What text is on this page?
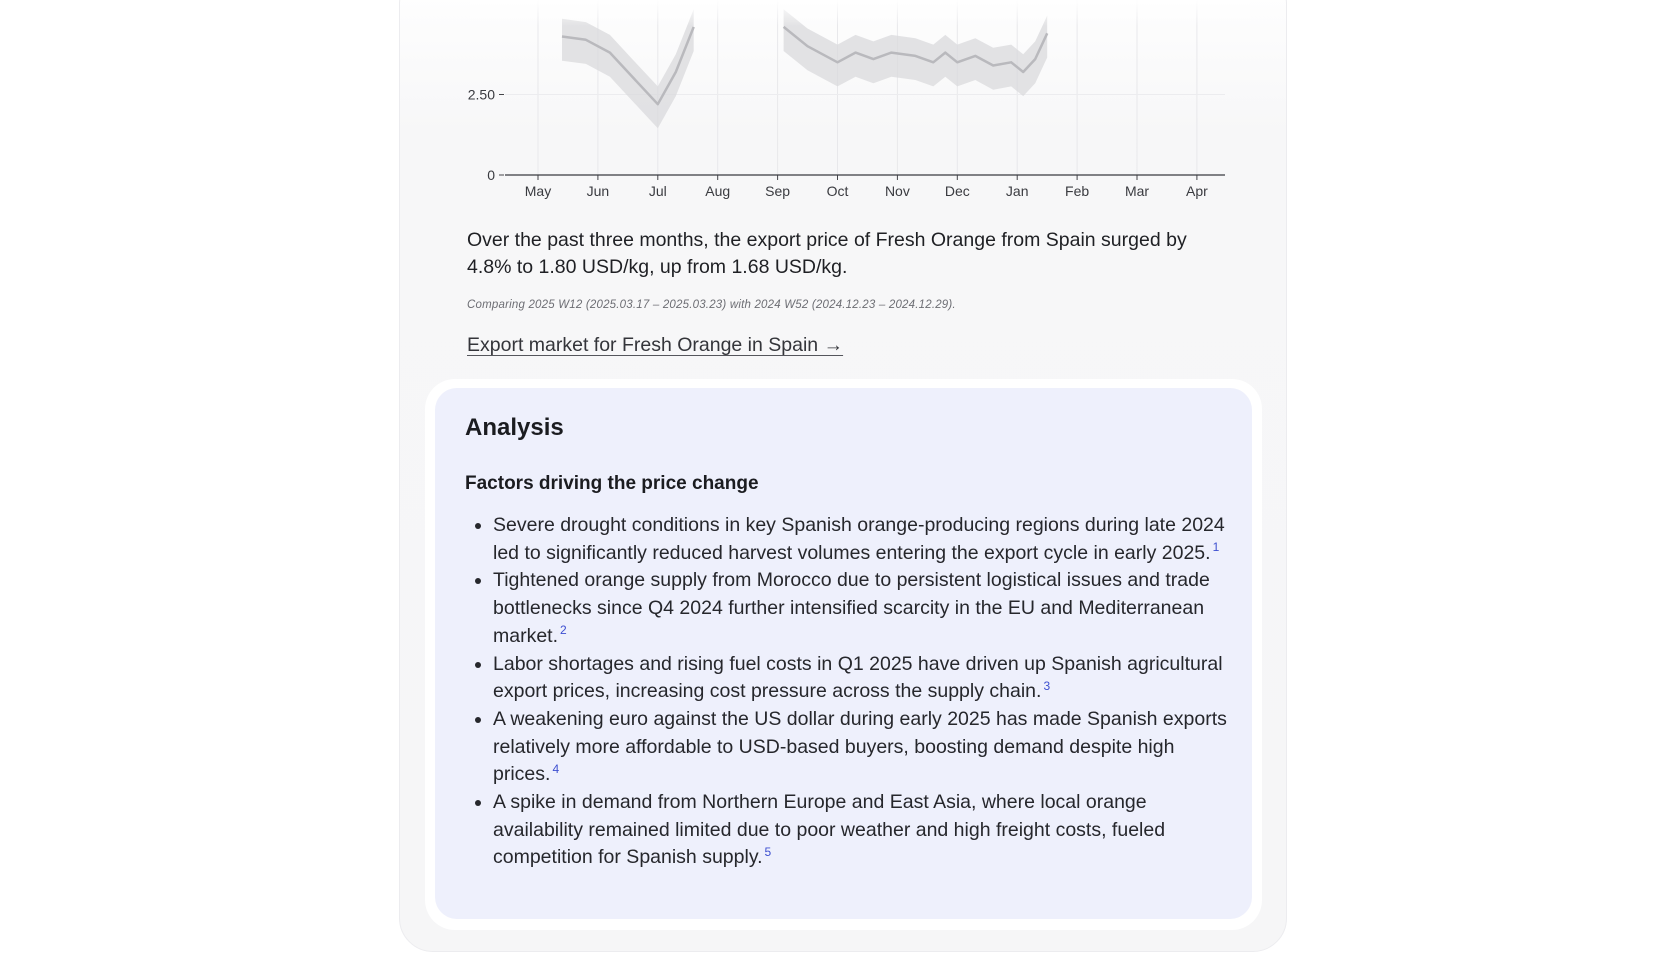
May	Jun	Jul	Aug Sep	Oct	Nov Dec	Jan	Feb	Mar	Apr
0
2.50

Over the past three months, the export price of Fresh Orange from Spain surged by 4.8% to 1.80 USD/kg, up from 1.68 USD/kg.

Comparing 2025 W12 (2025.03.17 – 2025.03.23) with 2024 W52 (2024.12.23 – 2024.12.29).

Export market for Fresh Orange in Spain →
Analysis
Factors driving the price change
Severe drought conditions in key Spanish orange-producing regions during late 2024 led to significantly reduced harvest volumes entering the export cycle in early 2025. $^1$
Tightened orange supply from Morocco due to persistent logistical issues and trade bottlenecks since Q4 2024 further intensified scarcity in the EU and Mediterranean market. $^2$
Labor shortages and rising fuel costs in Q1 2025 have driven up Spanish agricultural export prices, increasing cost pressure across the supply chain. $^3$
A weakening euro against the US dollar during early 2025 has made Spanish exports relatively more affordable to USD-based buyers, boosting demand despite high prices. $^4$
A spike in demand from Northern Europe and East Asia, where local orange availability remained limited due to poor weather and high freight costs, fueled competition for Spanish supply. $^5$
